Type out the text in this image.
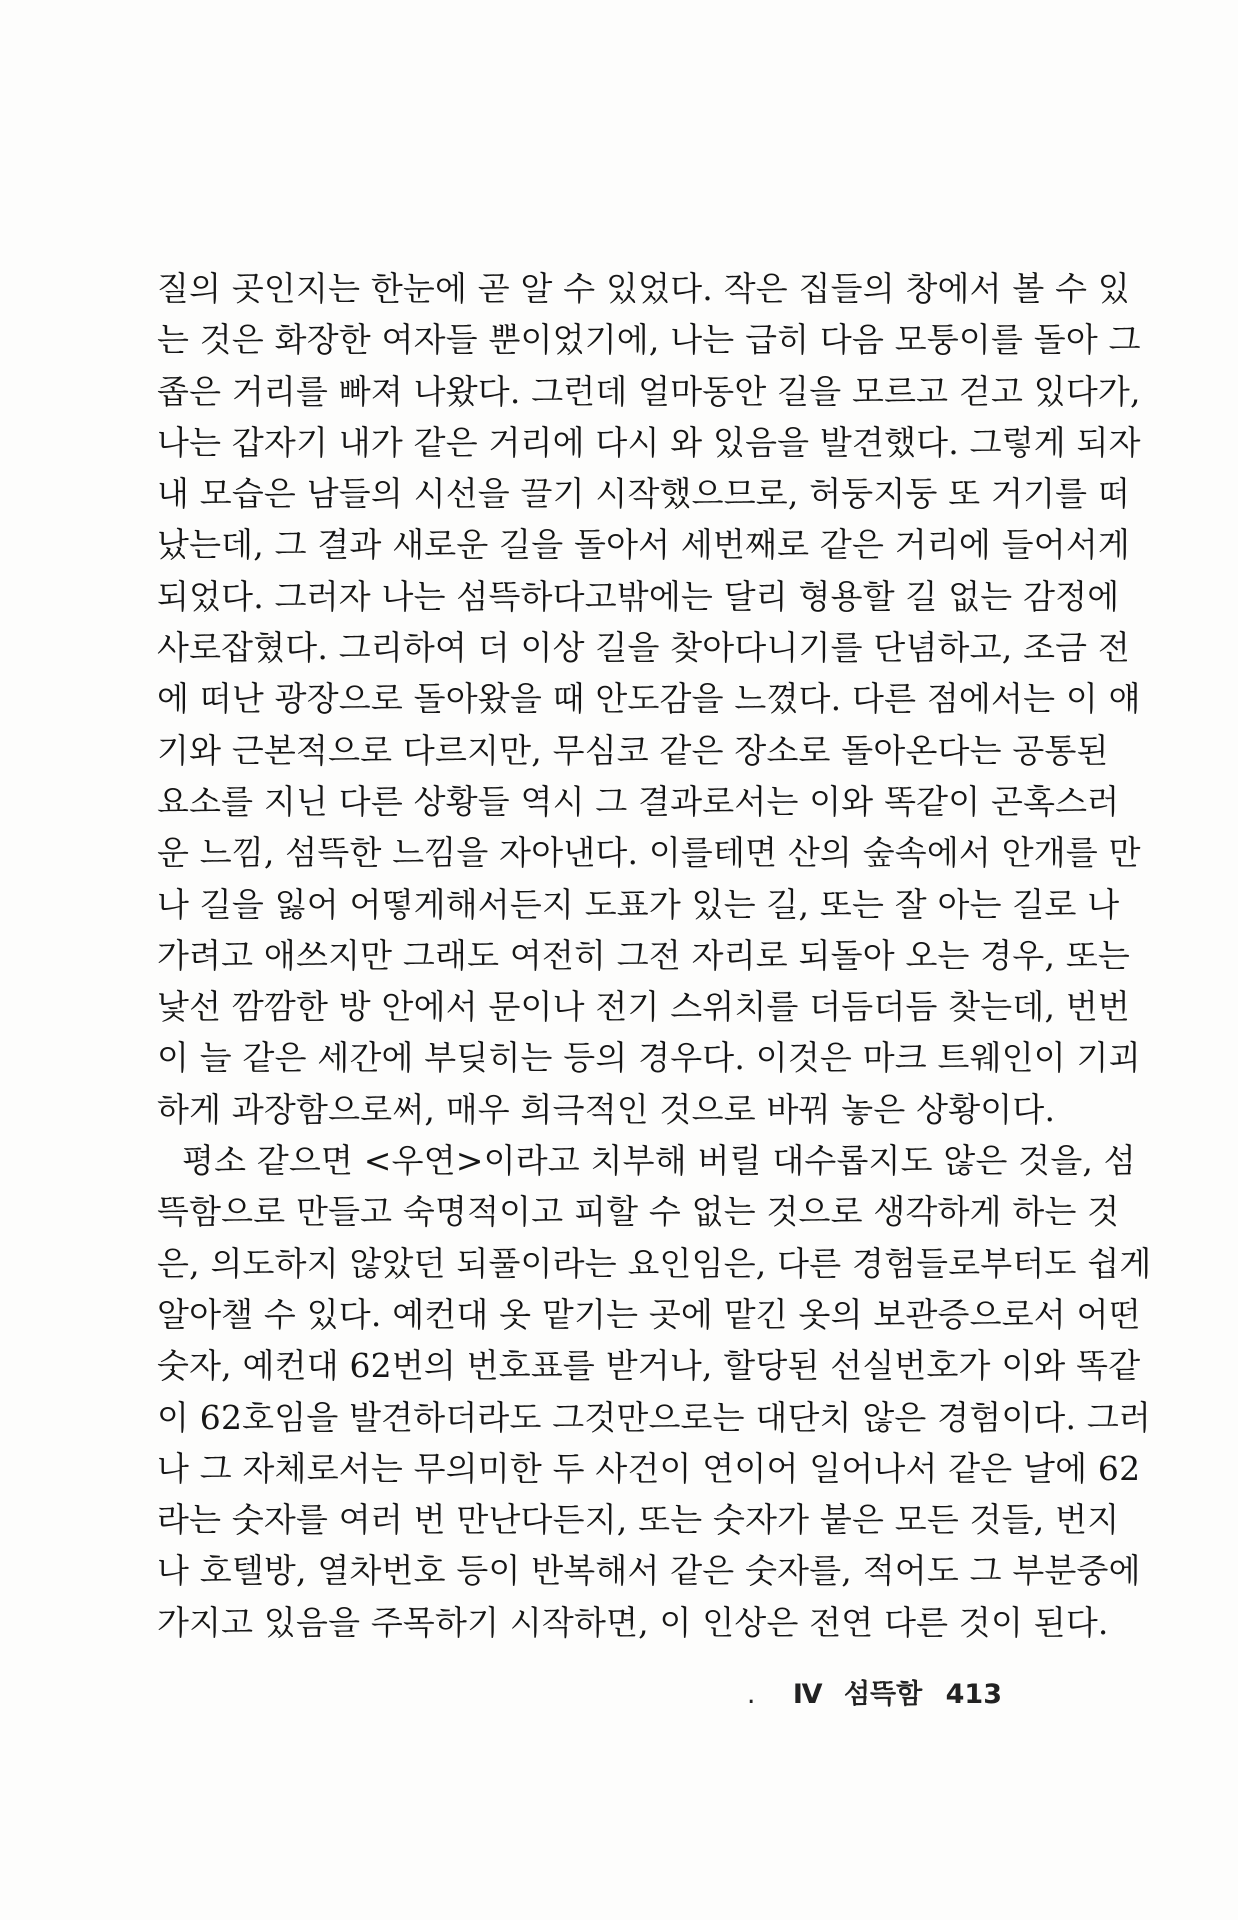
질의 곳인지는 한눈에 곧 알 수 있었다. 작은 집들의 창에서 볼 수 있
는 것은 화장한 여자들 뿐이었기에, 나는 급히 다음 모퉁이를 돌아 그
좁은 거리를 빠져 나왔다. 그런데 얼마동안 길을 모르고 걷고 있다가,
나는 갑자기 내가 같은 거리에 다시 와 있음을 발견했다. 그렇게 되자
내 모습은 남들의 시선을 끌기 시작했으므로, 허둥지둥 또 거기를 떠
났는데, 그 결과 새로운 길을 돌아서 세번째로 같은 거리에 들어서게
되었다. 그러자 나는 섬뜩하다고밖에는 달리 형용할 길 없는 감정에
사로잡혔다. 그리하여 더 이상 길을 찾아다니기를 단념하고, 조금 전
에 떠난 광장으로 돌아왔을 때 안도감을 느꼈다. 다른 점에서는 이 얘
기와 근본적으로 다르지만, 무심코 같은 장소로 돌아온다는 공통된
요소를 지닌 다른 상황들 역시 그 결과로서는 이와 똑같이 곤혹스러
운 느낌, 섬뜩한 느낌을 자아낸다. 이를테면 산의 숲속에서 안개를 만
나 길을 잃어 어떻게해서든지 도표가 있는 길, 또는 잘 아는 길로 나
가려고 애쓰지만 그래도 여전히 그전 자리로 되돌아 오는 경우, 또는
낯선 깜깜한 방 안에서 문이나 전기 스위치를 더듬더듬 찾는데, 번번
이 늘 같은 세간에 부딪히는 등의 경우다. 이것은 마크 트웨인이 기괴
하게 과장함으로써, 매우 희극적인 것으로 바꿔 놓은 상황이다.
평소 같으면 <우연>이라고 치부해 버릴 대수롭지도 않은 것을, 섬
뜩함으로 만들고 숙명적이고 피할 수 없는 것으로 생각하게 하는 것
은, 의도하지 않았던 되풀이라는 요인임은, 다른 경험들로부터도 쉽게
알아챌 수 있다. 예컨대 옷 맡기는 곳에 맡긴 옷의 보관증으로서 어떤
숫자, 예컨대 62번의 번호표를 받거나, 할당된 선실번호가 이와 똑같
이 62호임을 발견하더라도 그것만으로는 대단치 않은 경험이다. 그러
나 그 자체로서는 무의미한 두 사건이 연이어 일어나서 같은 날에 62
라는 숫자를 여러 번 만난다든지, 또는 숫자가 붙은 모든 것들, 번지
나 호텔방, 열차번호 등이 반복해서 같은 숫자를, 적어도 그 부분중에
가지고 있음을 주목하기 시작하면, 이 인상은 전연 다른 것이 된다.
. Ⅳ 섬뜩함 413
